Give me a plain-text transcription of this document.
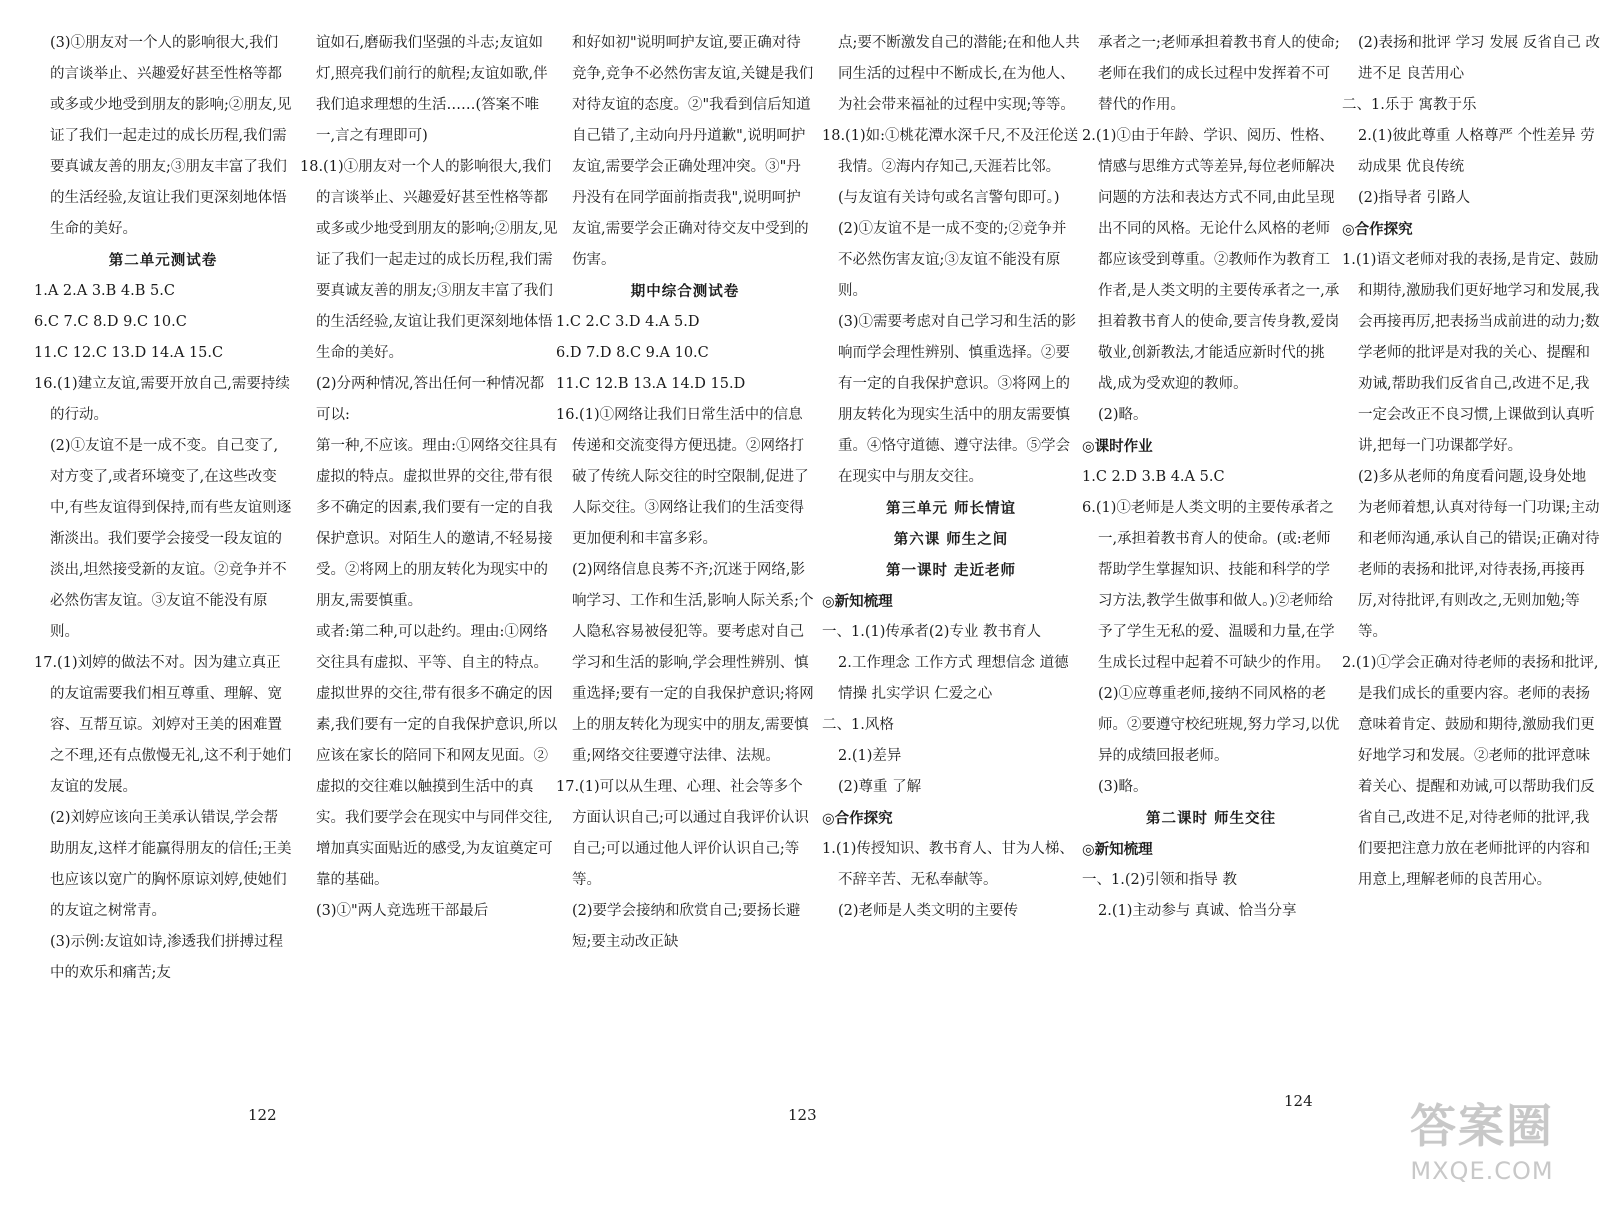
(3)①朋友对一个人的影响很大,我们的言谈举止、兴趣爱好甚至性格等都或多或少地受到朋友的影响;②朋友,见证了我们一起走过的成长历程,我们需要真诚友善的朋友;③朋友丰富了我们的生活经验,友谊让我们更深刻地体悟生命的美好。

第二单元测试卷

1.A 2.A 3.B 4.B 5.C

6.C 7.C 8.D 9.C 10.C

11.C 12.C 13.D 14.A 15.C

16.(1)建立友谊,需要开放自己,需要持续的行动。

(2)①友谊不是一成不变。自己变了,对方变了,或者环境变了,在这些改变中,有些友谊得到保持,而有些友谊则逐渐淡出。我们要学会接受一段友谊的淡出,坦然接受新的友谊。②竞争并不必然伤害友谊。③友谊不能没有原则。

17.(1)刘婷的做法不对。因为建立真正的友谊需要我们相互尊重、理解、宽容、互帮互谅。刘婷对王美的困难置之不理,还有点傲慢无礼,这不利于她们友谊的发展。

(2)刘婷应该向王美承认错误,学会帮助朋友,这样才能赢得朋友的信任;王美也应该以宽广的胸怀原谅刘婷,使她们的友谊之树常青。

(3)示例:友谊如诗,渗透我们拼搏过程中的欢乐和痛苦;友

谊如石,磨砺我们坚强的斗志;友谊如灯,照亮我们前行的航程;友谊如歌,伴我们追求理想的生活……(答案不唯一,言之有理即可)

18.(1)①朋友对一个人的影响很大,我们的言谈举止、兴趣爱好甚至性格等都或多或少地受到朋友的影响;②朋友,见证了我们一起走过的成长历程,我们需要真诚友善的朋友;③朋友丰富了我们的生活经验,友谊让我们更深刻地体悟生命的美好。

(2)分两种情况,答出任何一种情况都可以:

第一种,不应该。理由:①网络交往具有虚拟的特点。虚拟世界的交往,带有很多不确定的因素,我们要有一定的自我保护意识。对陌生人的邀请,不轻易接受。②将网上的朋友转化为现实中的朋友,需要慎重。

或者:第二种,可以赴约。理由:①网络交往具有虚拟、平等、自主的特点。虚拟世界的交往,带有很多不确定的因素,我们要有一定的自我保护意识,所以应该在家长的陪同下和网友见面。②虚拟的交往难以触摸到生活中的真实。我们要学会在现实中与同伴交往,增加真实面贴近的感受,为友谊奠定可靠的基础。

(3)①"两人竞选班干部最后

和好如初"说明呵护友谊,要正确对待竞争,竞争不必然伤害友谊,关键是我们对待友谊的态度。②"我看到信后知道自己错了,主动向丹丹道歉",说明呵护友谊,需要学会正确处理冲突。③"丹丹没有在同学面前指责我",说明呵护友谊,需要学会正确对待交友中受到的伤害。

期中综合测试卷

1.C 2.C 3.D 4.A 5.D

6.D 7.D 8.C 9.A 10.C

11.C 12.B 13.A 14.D 15.D

16.(1)①网络让我们日常生活中的信息传递和交流变得方便迅捷。②网络打破了传统人际交往的时空限制,促进了人际交往。③网络让我们的生活变得更加便利和丰富多彩。

(2)网络信息良莠不齐;沉迷于网络,影响学习、工作和生活,影响人际关系;个人隐私容易被侵犯等。要考虑对自己学习和生活的影响,学会理性辨别、慎重选择;要有一定的自我保护意识;将网上的朋友转化为现实中的朋友,需要慎重;网络交往要遵守法律、法规。

17.(1)可以从生理、心理、社会等多个方面认识自己;可以通过自我评价认识自己;可以通过他人评价认识自己;等等。

(2)要学会接纳和欣赏自己;要扬长避短;要主动改正缺

点;要不断激发自己的潜能;在和他人共同生活的过程中不断成长,在为他人、为社会带来福祉的过程中实现;等等。

18.(1)如:①桃花潭水深千尺,不及汪伦送我情。②海内存知己,天涯若比邻。(与友谊有关诗句或名言警句即可。)

(2)①友谊不是一成不变的;②竞争并不必然伤害友谊;③友谊不能没有原则。

(3)①需要考虑对自己学习和生活的影响而学会理性辨别、慎重选择。②要有一定的自我保护意识。③将网上的朋友转化为现实生活中的朋友需要慎重。④恪守道德、遵守法律。⑤学会在现实中与朋友交往。

第三单元 师长情谊

第六课 师生之间

第一课时 走近老师

◎新知梳理

一、1.(1)传承者(2)专业 教书育人

2.工作理念 工作方式 理想信念 道德情操 扎实学识 仁爱之心

二、1.风格

2.(1)差异

(2)尊重 了解

◎合作探究

1.(1)传授知识、教书育人、甘为人梯、不辞辛苦、无私奉献等。

(2)老师是人类文明的主要传

承者之一;老师承担着教书育人的使命;老师在我们的成长过程中发挥着不可替代的作用。

2.(1)①由于年龄、学识、阅历、性格、情感与思维方式等差异,每位老师解决问题的方法和表达方式不同,由此呈现出不同的风格。无论什么风格的老师都应该受到尊重。②教师作为教育工作者,是人类文明的主要传承者之一,承担着教书育人的使命,要言传身教,爱岗敬业,创新教法,才能适应新时代的挑战,成为受欢迎的教师。

(2)略。

◎课时作业

1.C 2.D 3.B 4.A 5.C

6.(1)①老师是人类文明的主要传承者之一,承担着教书育人的使命。(或:老师帮助学生掌握知识、技能和科学的学习方法,教学生做事和做人。)②老师给予了学生无私的爱、温暖和力量,在学生成长过程中起着不可缺少的作用。

(2)①应尊重老师,接纳不同风格的老师。②要遵守校纪班规,努力学习,以优异的成绩回报老师。

(3)略。

第二课时 师生交往

◎新知梳理

一、1.(2)引领和指导 教

2.(1)主动参与 真诚、恰当分享

(2)表扬和批评 学习 发展 反省自己 改进不足 良苦用心

二、1.乐于 寓教于乐

2.(1)彼此尊重 人格尊严 个性差异 劳动成果 优良传统

(2)指导者 引路人

◎合作探究

1.(1)语文老师对我的表扬,是肯定、鼓励和期待,激励我们更好地学习和发展,我会再接再厉,把表扬当成前进的动力;数学老师的批评是对我的关心、提醒和劝诫,帮助我们反省自己,改进不足,我一定会改正不良习惯,上课做到认真听讲,把每一门功课都学好。

(2)多从老师的角度看问题,设身处地为老师着想,认真对待每一门功课;主动和老师沟通,承认自己的错误;正确对待老师的表扬和批评,对待表扬,再接再厉,对待批评,有则改之,无则加勉;等等。

2.(1)①学会正确对待老师的表扬和批评,是我们成长的重要内容。老师的表扬意味着肯定、鼓励和期待,激励我们更好地学习和发展。②老师的批评意味着关心、提醒和劝诫,可以帮助我们反省自己,改进不足,对待老师的批评,我们要把注意力放在老师批评的内容和用意上,理解老师的良苦用心。

122	123
124	答案圈
MXQE.COM
